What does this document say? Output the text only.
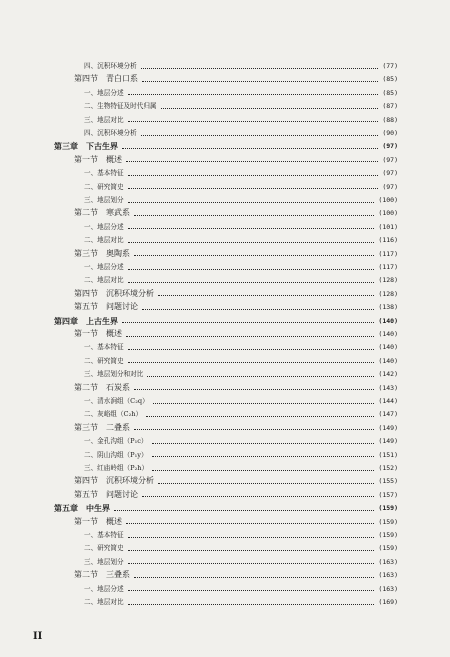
四、沉积环境分析	(77)
第四节　青白口系	(85)
一、地层分述	(85)
二、生物特征及时代归属	(87)
三、地层对比	(88)
四、沉积环境分析	(90)
第三章　下古生界	(97)
第一节　概述	(97)
一、基本特征	(97)
二、研究简史	(97)
三、地层划分	(100)
第二节　寒武系	(100)
一、地层分述	(101)
二、地层对比	(116)
第三节　奥陶系	(117)
一、地层分述	(117)
二、地层对比	(128)
第四节　沉积环境分析	(128)
第五节　问题讨论	(138)
第四章　上古生界	(140)
第一节　概述	(140)
一、基本特征	(140)
二、研究简史	(140)
三、地层划分和对比	(142)
第二节　石炭系	(143)
一、清水涧组（C₂q）	(144)
二、灰峪组（C₂h）	(147)
第三节　二叠系	(149)
一、金孔沟组（P₁c）	(149)
二、阴山沟组（P₁y）	(151)
三、红庙岭组（P₂h）	(152)
第四节　沉积环境分析	(155)
第五节　问题讨论	(157)
第五章　中生界	(159)
第一节　概述	(159)
一、基本特征	(159)
二、研究简史	(159)
三、地层划分	(163)
第二节　三叠系	(163)
一、地层分述	(163)
二、地层对比	(169)
II
